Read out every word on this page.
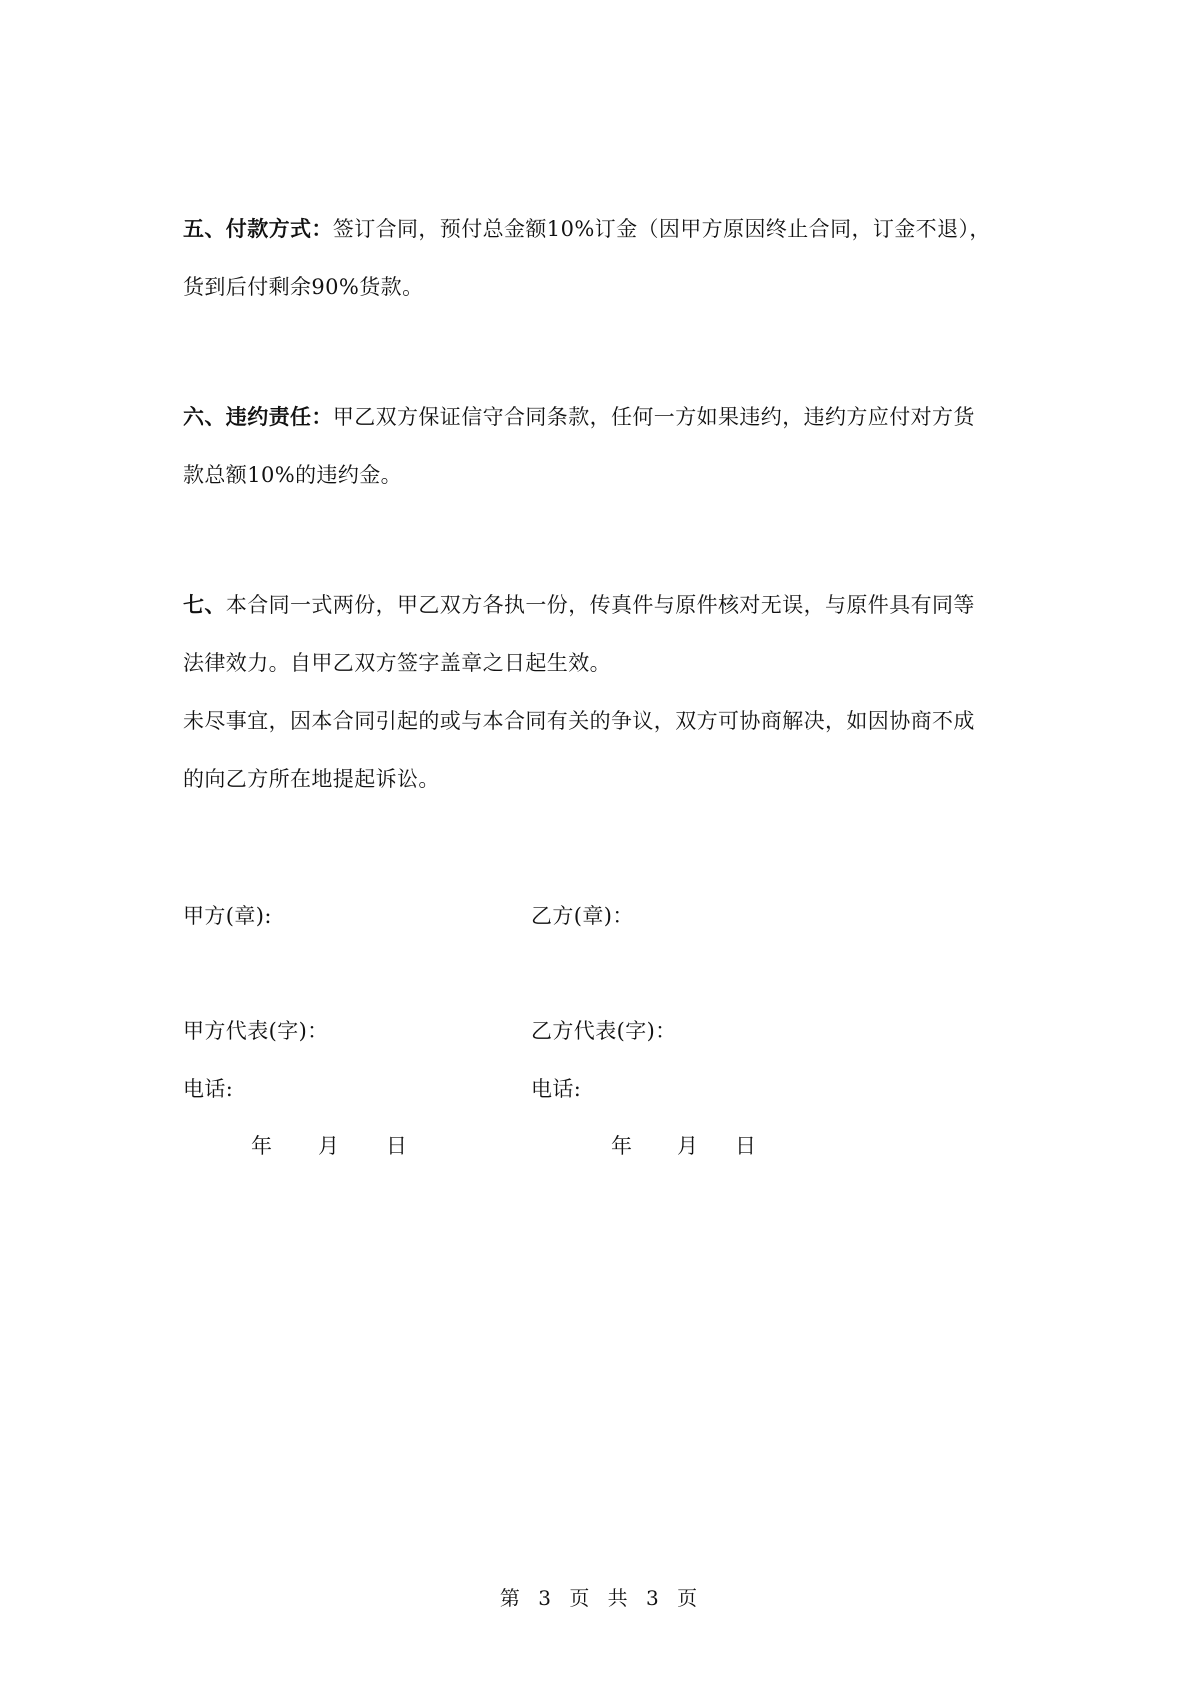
五、付款方式：签订合同，预付总金额10%订金（因甲方原因终止合同，订金不退），

货到后付剩余90%货款。

六、违约责任：甲乙双方保证信守合同条款，任何一方如果违约，违约方应付对方货

款总额10%的违约金。

七、本合同一式两份，甲乙双方各执一份，传真件与原件核对无误，与原件具有同等

法律效力。自甲乙双方签字盖章之日起生效。

未尽事宜，因本合同引起的或与本合同有关的争议，双方可协商解决，如因协商不成

的向乙方所在地提起诉讼。

甲方(章):	乙方(章)：
甲方代表(字)：	乙方代表(字)：
电话:	电话:
年 月 日	年 月 日
第 3 页 共 3 页
